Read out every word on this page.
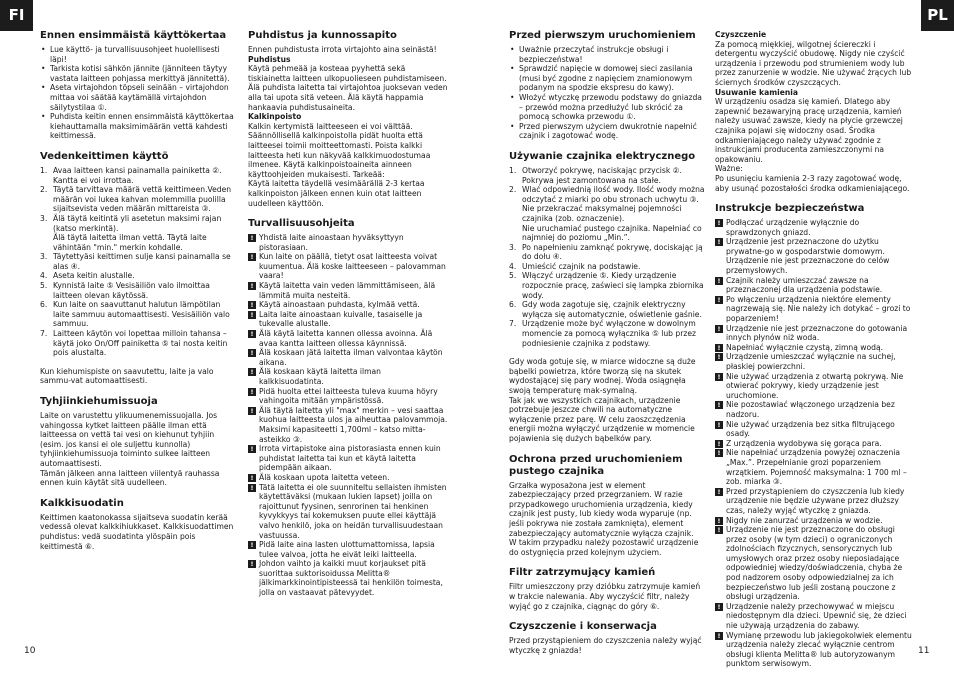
FI	PL
Ennen ensimmäistä käyttökertaa
• Lue käyttö- ja turvallisuusohjeet huolellisesti läpi!
• Tarkista kotisi sähkön jännite (jänniteen täytyy vastata laitteen pohjassa merkittyä jännitettä).
• Aseta virtajohdon töpseli seinään – virtajohdon mittaa voi säätää kaytämällä virtajohdon säilytystilaa ①.
• Puhdista keitin ennen ensimmäistä käyttökertaa kiehauttamalla maksimimäärän vettä kahdesti keittimessä.
Vedenkeittimen käyttö
1. Avaa laitteen kansi painamalla painiketta ②. Kantta ei voi irrottaa.
2. Täytä tarvittava määrä vettä keittimeen.Veden määrän voi lukea kahvan molemmilla puolilla sijaitsevista veden määrän mittareista ③.
3. Älä täytä keitintä yli asetetun maksimi rajan (katso merkintä).
Älä täytä laitetta ilman vettä. Täytä laite vähintään "min." merkin kohdalle.
3. Täytettyäsi keittimen sulje kansi painamalla se alas ④.
4. Aseta keitin alustalle.
5. Kynnistä laite ⑤ Vesisäiliön valo ilmoittaa laitteen olevan käytössä.
6. Kun laite on saavuttanut halutun lämpötilan laite sammuu automaattisesti. Vesisäiliön valo sammuu.
7. Laitteen käytön voi lopettaa milloin tahansa – käytä joko On/Off painiketta ⑤ tai nosta keitin pois alustalta.

Kun kiehumispiste on saavutettu, laite ja valo sammu-vat automaattisesti.

Tyhjiinkiehumissuoja

Laite on varustettu ylikuumenemissuojalla. Jos vahingossa kytket laitteen päälle ilman että laitteessa on vettä tai vesi on kiehunut tyhjiin (esim. jos kansi ei ole suljettu kunnolla) tyhjiinkiehumissuoja toiminto sulkee laitteen automaattisesti.

Tämän jälkeen anna laitteen viilentyä rauhassa ennen kuin käytät sitä uudelleen.

Kalkkisuodatin

Keittimen kaatonokassa sijaitseva suodatin kerää vedessä olevat kalkkihiukkaset. Kalkkisuodattimen puhdistus: vedä suodatinta ylöspäin pois keittimestä ⑥.

Puhdistus ja kunnossapito

Ennen puhdistusta irrota virtajohto aina seinästä!

Puhdistus

Käytä pehmeää ja kosteaa pyyhettä sekä tiskiainetta laitteen ulkopuolieseen puhdistamiseen. Älä puhdista laitetta tai virtajohtoa juoksevan veden alla tai upota sitä veteen. Älä käytä happamia hankaavia puhdistusaineita.

Kalkinpoisto

Kalkin kertymistä laitteeseen ei voi välttää. Säännöllisellä kalkinpoistolla pidät huolta että laitteesei toimii moitteettomasti. Poista kalkki laitteesta heti kun näkyvää kalkkimuodostumaa ilmenee. Käytä kalkinpoistoaineita ainneen käyttoohjeiden mukaisesti. Tarkeää:

Käytä laitetta täydellä vesimäärällä 2-3 kertaa kalkinpoiston jälkeen ennen kuin otat laitteen uudelleen käyttöön.

Turvallisuusohjeita
! Yhdistä laite ainoastaan hyväksyttyyn pistorasiaan.
! Kun laite on päällä, tietyt osat laitteesta voivat kuumentua. Älä koske laitteeseen – palovamman vaara!
! Käytä laitetta vain veden lämmittämiseen, älä lämmitä muita nesteitä.
! Käytä ainoastaan puhdasta, kylmää vettä.
! Laita laite ainoastaan kuivalle, tasaiselle ja tukevalle alustalle.
! Älä käytä laitetta kannen ollessa avoinna. Älä avaa kantta laitteen ollessa käynnissä.
! Älä koskaan jätä laitetta ilman valvontaa käytön aikana.
! Älä koskaan käytä laitetta ilman kalkkisuodatinta.
! Pidä huolta ettei laitteesta tuleva kuuma höyry vahingoita mitään ympäristössä.
! Älä täytä laitetta yli "max" merkin – vesi saattaa kuohua laitteesta ulos ja aiheuttaa palovammoja. Maksimi kapasiteetti 1,700ml – katso mitta-asteikko ③.
! Irrota virtapistoke aina pistorasiasta ennen kuin puhdistat laitetta tai kun et käytä laitetta pidempään aikaan.
! Älä koskaan upota laitetta veteen.
! Tätä laitetta ei ole suunniteltu sellaisten ihmisten käytettäväksi (mukaan lukien lapset) joilla on rajoittunut fyysinen, senrorinen tai henkinen kyvykkyys tai kokemuksen puute ellei käyttäjä valvo henkilö, joka on heidän turvallisuudestaan vastuussa.
! Pidä laite aina lasten ulottumattomissa, lapsia tulee valvoa, jotta he eivät leiki laitteella.
! Johdon vaihto ja kaikki muut korjaukset pitä suorittaa suktorisoidussa Melitta® jälkimarkkinointipisteessä tai henkilön toimesta, jolla on vastaavat pätevyydet.
Przed pierwszym uruchomieniem
• Uważnie przeczytać instrukcje obsługi i bezpieczeństwa!
• Sprawdzić napięcie w domowej sieci zasilania (musi być zgodne z napięciem znamionowym podanym na spodzie ekspresu do kawy).
• Włożyć wtyczkę przewodu podstawy do gniazda – przewód można przedłużyć lub skrócić za pomocą schowka przewodu ①.
• Przed pierwszym użyciem dwukrotnie napełnić czajnik i zagotować wodę.
Używanie czajnika elektrycznego
1. Otworzyć pokrywę, naciskając przycisk ②. Pokrywa jest zamontowana na stałe.
2. Wlać odpowiednią ilość wody. Ilość wody można odczytać z miarki po obu stronach uchwytu ③.
Nie przekraczać maksymalnej pojemności czajnika (zob. oznaczenie).
Nie uruchamiać pustego czajnika. Napełniać co najmniej do poziomu „Min.”.
3. Po napełnieniu zamknąć pokrywę, dociskając ją do dołu ④.
4. Umieścić czajnik na podstawie.
5. Włączyć urządzenie ⑤. Kiedy urządzenie rozpocznie pracę, zaświeci się lampka zbiornika wody.
6. Gdy woda zagotuje się, czajnik elektryczny wyłącza się automatycznie, oświetlenie gaśnie.
7. Urządzenie może być wyłączone w dowolnym momencie za pomocą wyłącznika ⑤ lub przez podniesienie czajnika z podstawy.

Gdy woda gotuje się, w miarce widoczne są duże bąbelki powietrza, które tworzą się na skutek wydostającej się pary wodnej. Woda osiągnęła swoją temperaturę mak-symalną.

Tak jak we wszystkich czajnikach, urządzenie potrzebuje jeszcze chwili na automatyczne wyłączenie przez parę. W celu zaoszczędzenia energii można wyłączyć urządzenie w momencie pojawienia się dużych bąbelków pary.

Ochrona przed uruchomieniem pustego czajnika

Grzałka wyposażona jest w element zabezpieczający przed przegrzaniem. W razie przypadkowego uruchomienia urządzenia, kiedy czajnik jest pusty, lub kiedy woda wyparuje (np. jeśli pokrywa nie została zamknięta), element zabezpieczający automatycznie wyłącza czajnik.

W takim przypadku należy pozostawić urządzenie do ostygnięcia przed kolejnym użyciem.

Filtr zatrzymujący kamień

Filtr umieszczony przy dzióbku zatrzymuje kamień w trakcie nalewania. Aby wyczyścić filtr, należy wyjąć go z czajnika, ciągnąc do góry ⑥.

Czyszczenie i konserwacja

Przed przystąpieniem do czyszczenia należy wyjąć wtyczkę z gniazda!

Czyszczenie

Za pomocą miękkiej, wilgotnej ściereczki i detergentu wyczyścić obudowę. Nigdy nie czyścić urządzenia i przewodu pod strumieniem wody lub przez zanurzenie w wodzie. Nie używać żrących lub ściernych środków czyszczących.

Usuwanie kamienia

W urządzeniu osadza się kamień. Dlatego aby zapewnić bezawaryjną pracę urządzenia, kamień należy usuwać zawsze, kiedy na płycie grzewczej czajnika pojawi się widoczny osad. Środka odkamieniającego należy używać zgodnie z instrukcjami producenta zamieszczonymi na opakowaniu.

Ważne:

Po usunięciu kamienia 2-3 razy zagotować wodę, aby usunąć pozostałości środka odkamieniającego.

Instrukcje bezpieczeństwa
! Podłączać urządzenie wyłącznie do sprawdzonych gniazd.
! Urządzenie jest przeznaczone do użytku prywatne-go w gospodarstwie domowym. Urządzenie nie jest przeznaczone do celów przemysłowych.
! Czajnik należy umieszczać zawsze na przeznaczonej dla urządzenia podstawie.
! Po włączeniu urządzenia niektóre elementy nagrzewają się. Nie należy ich dotykać – grozi to poparzeniem!
! Urządzenie nie jest przeznaczone do gotowania innych płynów niż woda.
! Napełniać wyłącznie czystą, zimną wodą.
! Urządzenie umieszczać wyłącznie na suchej, płaskiej powierzchni.
! Nie używać urządzenia z otwartą pokrywą. Nie otwierać pokrywy, kiedy urządzenie jest uruchomione.
! Nie pozostawiać włączonego urządzenia bez nadzoru.
! Nie używać urządzenia bez sitka filtrującego osady.
! Z urządzenia wydobywa się gorąca para.
! Nie napełniać urządzenia powyżej oznaczenia „Max.”. Przepełnianie grozi poparzeniem wrzątkiem. Pojemność maksymalna: 1 700 ml – zob. miarka ③.
! Przed przystąpieniem do czyszczenia lub kiedy urządzenie nie będzie używane przez dłuższy czas, należy wyjąć wtyczkę z gniazda.
! Nigdy nie zanurzać urządzenia w wodzie.
! Urządzenie nie jest przeznaczone do obsługi przez osoby (w tym dzieci) o ograniczonych zdolnościach fizycznych, sensorycznych lub umysłowych oraz przez osoby nieposiadające odpowiedniej wiedzy/doświadczenia, chyba że pod nadzorem osoby odpowiedzialnej za ich bezpieczeństwo lub jeśli zostaną pouczone z obsługi urządzenia.
! Urządzenie należy przechowywać w miejscu niedostępnym dla dzieci. Upewnić się, że dzieci nie używają urządzenia do zabawy.
! Wymianę przewodu lub jakiegokolwiek elementu urządzenia należy zlecać wyłącznie centrom obsługi klienta Melitta® lub autoryzowanym punktom serwisowym.
10	11
